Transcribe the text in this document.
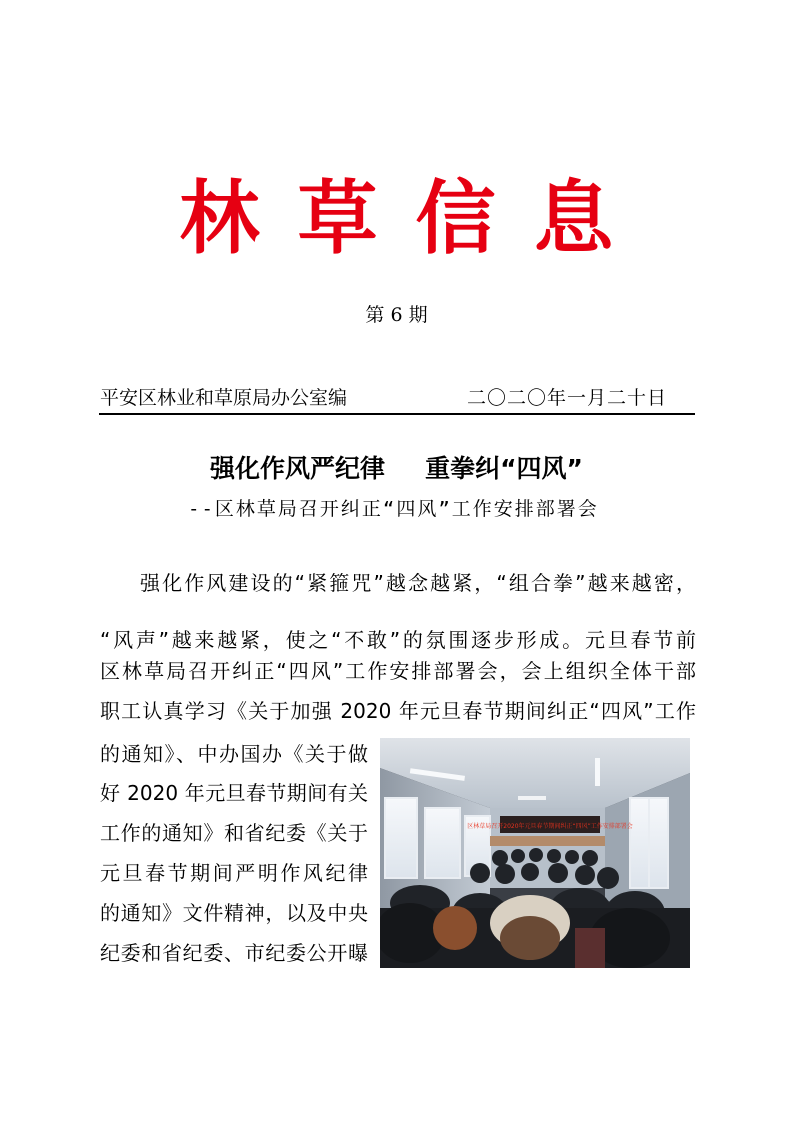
林草信息
第 6 期
平安区林业和草原局办公室编	二〇二〇年一月二十日
强化作风严纪律 重拳纠“四风”
--区林草局召开纠正“四风”工作安排部署会
强化作风建设的“紧箍咒”越念越紧，“组合拳”越来越密，
“风声”越来越紧，使之“不敢”的氛围逐步形成。元旦春节前
区林草局召开纠正“四风”工作安排部署会，会上组织全体干部
职工认真学习《关于加强 2020 年元旦春节期间纠正“四风”工作
的通知》、中办国办《关于做
好 2020 年元旦春节期间有关
工作的通知》和省纪委《关于
元旦春节期间严明作风纪律
的通知》文件精神，以及中央
纪委和省纪委、市纪委公开曝
区林草局召开2020年元旦春节期间纠正“四风”工作安排部署会
